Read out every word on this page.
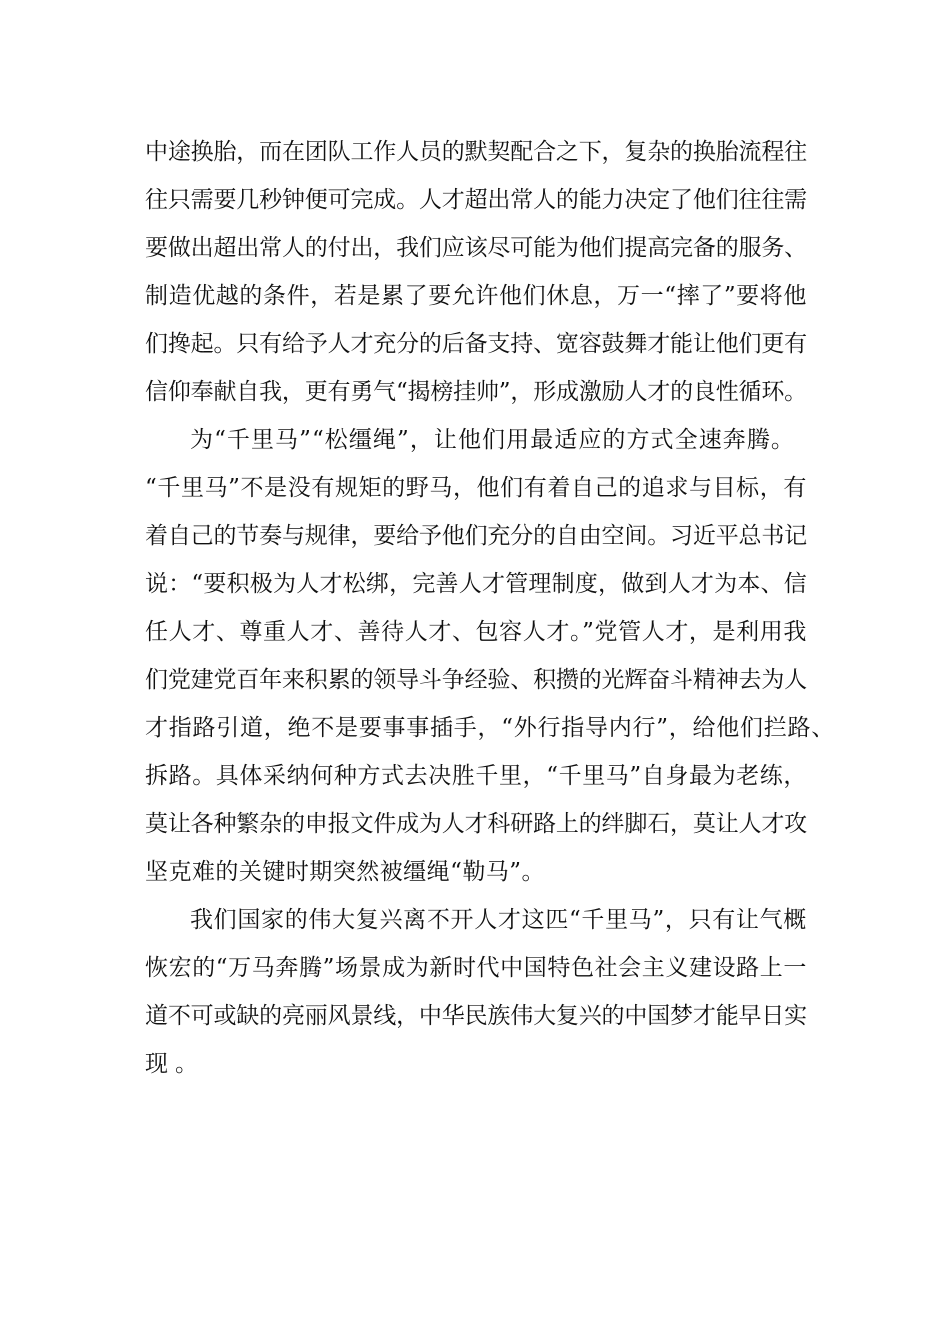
中途换胎，而在团队工作人员的默契配合之下，复杂的换胎流程往
往只需要几秒钟便可完成。人才超出常人的能力决定了他们往往需
要做出超出常人的付出，我们应该尽可能为他们提高完备的服务、
制造优越的条件，若是累了要允许他们休息，万一“摔了”要将他
们搀起。只有给予人才充分的后备支持、宽容鼓舞才能让他们更有
信仰奉献自我，更有勇气“揭榜挂帅”，形成激励人才的良性循环。
为“千里马”“松缰绳”，让他们用最适应的方式全速奔腾。
“千里马”不是没有规矩的野马，他们有着自己的追求与目标，有
着自己的节奏与规律，要给予他们充分的自由空间。习近平总书记
说：“要积极为人才松绑，完善人才管理制度，做到人才为本、信
任人才、尊重人才、善待人才、包容人才。”党管人才，是利用我
们党建党百年来积累的领导斗争经验、积攒的光辉奋斗精神去为人
才指路引道，绝不是要事事插手，“外行指导内行”，给他们拦路、
拆路。具体采纳何种方式去决胜千里，“千里马”自身最为老练，
莫让各种繁杂的申报文件成为人才科研路上的绊脚石，莫让人才攻
坚克难的关键时期突然被缰绳“勒马”。
我们国家的伟大复兴离不开人才这匹“千里马”，只有让气概
恢宏的“万马奔腾”场景成为新时代中国特色社会主义建设路上一
道不可或缺的亮丽风景线，中华民族伟大复兴的中国梦才能早日实
现。
